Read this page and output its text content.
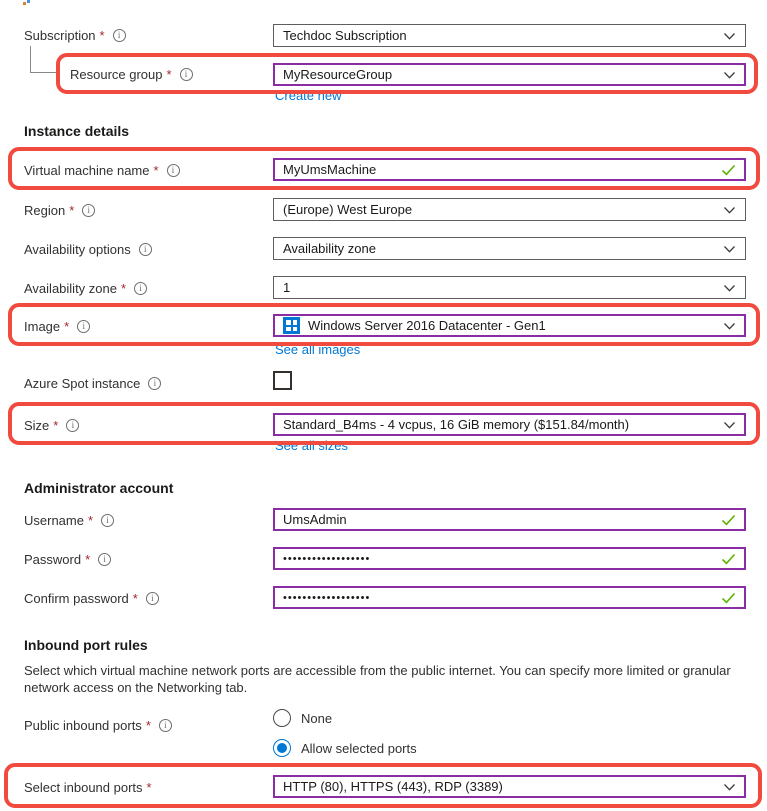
Subscription *	i	Techdoc Subscription
Resource group *	i	MyResourceGroup
Create new
Instance details
Virtual machine name *	i	MyUmsMachine
Region *	i	(Europe) West Europe
Availability options	i	Availability zone
Availability zone *	i	1
Image *	i	Windows Server 2016 Datacenter - Gen1
See all images
Azure Spot instance	i
Size *	i	Standard_B4ms - 4 vcpus, 16 GiB memory ($151.84/month)
See all sizes
Administrator account
Username *	i	UmsAdmin
Password *	i	••••••••••••••••••
Confirm password *	i	••••••••••••••••••
Inbound port rules
Select which virtual machine network ports are accessible from the public internet. You can specify more limited or granular network access on the Networking tab.
Public inbound ports *	i	None
Allow selected ports
Select inbound ports *	HTTP (80), HTTPS (443), RDP (3389)
